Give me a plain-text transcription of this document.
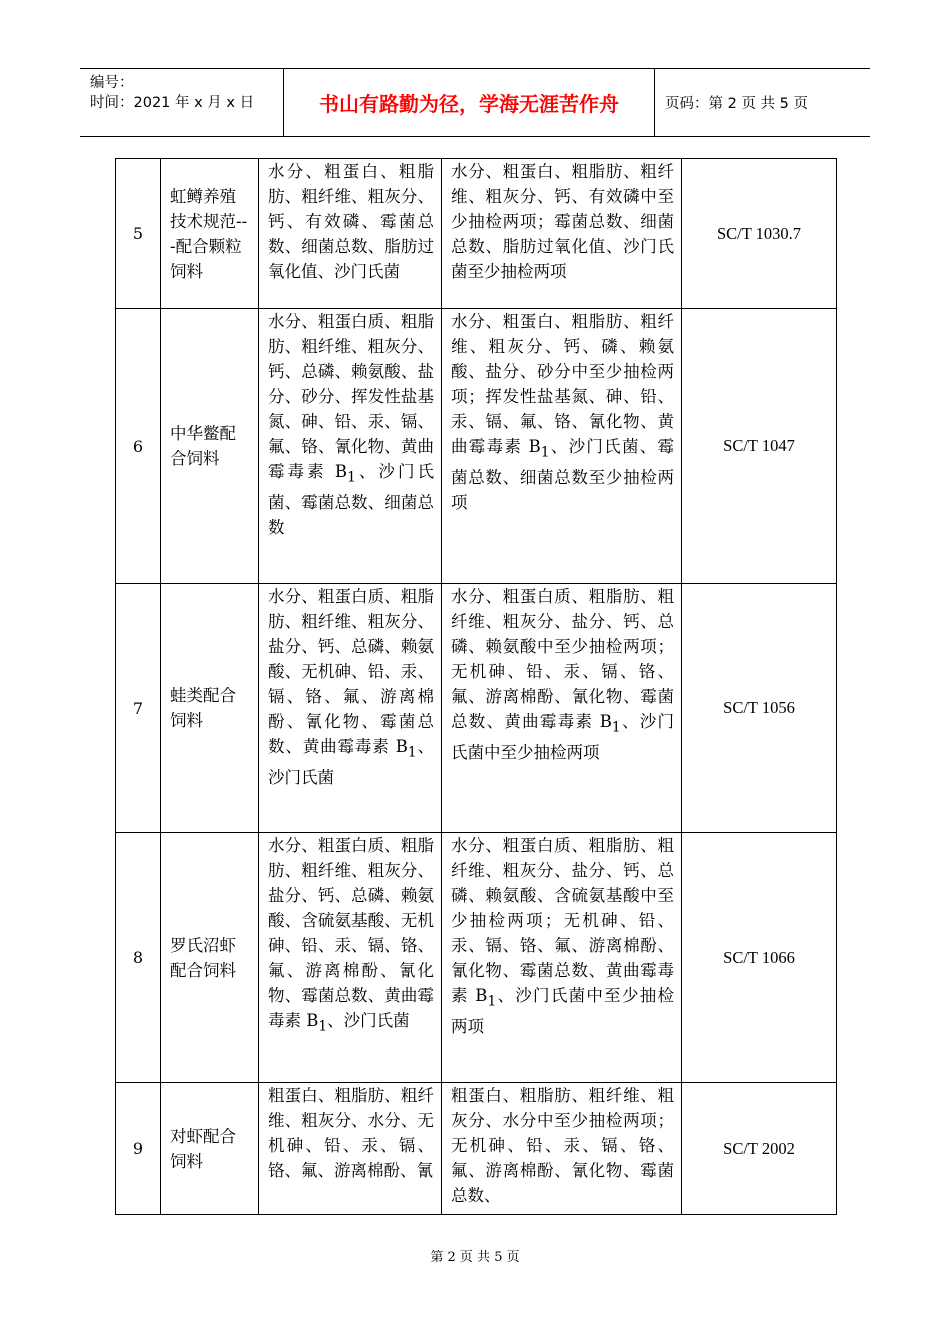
编号：
时间：2021 年 x 月 x 日	书山有路勤为径，学海无涯苦作舟	页码：第 2 页 共 5 页
5	虹鳟养殖技术规范---配合颗粒饲料	水分、粗蛋白、粗脂肪、粗纤维、粗灰分、钙、有效磷、霉菌总数、细菌总数、脂肪过氧化值、沙门氏菌	水分、粗蛋白、粗脂肪、粗纤维、粗灰分、钙、有效磷中至少抽检两项；霉菌总数、细菌总数、脂肪过氧化值、沙门氏菌至少抽检两项	SC/T 1030.7
6	中华鳖配合饲料	水分、粗蛋白质、粗脂肪、粗纤维、粗灰分、钙、总磷、赖氨酸、盐分、砂分、挥发性盐基氮、砷、铅、汞、镉、氟、铬、氰化物、黄曲霉毒素 $B_1$、沙门氏菌、霉菌总数、细菌总数	水分、粗蛋白、粗脂肪、粗纤维、粗灰分、钙、磷、赖氨酸、盐分、砂分中至少抽检两项；挥发性盐基氮、砷、铅、汞、镉、氟、铬、氰化物、黄曲霉毒素 $B_1$、沙门氏菌、霉菌总数、细菌总数至少抽检两项	SC/T 1047
7	蛙类配合饲料	水分、粗蛋白质、粗脂肪、粗纤维、粗灰分、盐分、钙、总磷、赖氨酸、无机砷、铅、汞、镉、铬、氟、游离棉酚、氰化物、霉菌总数、黄曲霉毒素 $B_1$、沙门氏菌	水分、粗蛋白质、粗脂肪、粗纤维、粗灰分、盐分、钙、总磷、赖氨酸中至少抽检两项；无机砷、铅、汞、镉、铬、氟、游离棉酚、氰化物、霉菌总数、黄曲霉毒素 $B_1$、沙门氏菌中至少抽检两项	SC/T 1056
8	罗氏沼虾配合饲料	水分、粗蛋白质、粗脂肪、粗纤维、粗灰分、盐分、钙、总磷、赖氨酸、含硫氨基酸、无机砷、铅、汞、镉、铬、氟、游离棉酚、氰化物、霉菌总数、黄曲霉毒素 $B_1$、沙门氏菌	水分、粗蛋白质、粗脂肪、粗纤维、粗灰分、盐分、钙、总磷、赖氨酸、含硫氨基酸中至少抽检两项；无机砷、铅、汞、镉、铬、氟、游离棉酚、氰化物、霉菌总数、黄曲霉毒素 $B_1$、沙门氏菌中至少抽检两项	SC/T 1066
9	对虾配合饲料	粗蛋白、粗脂肪、粗纤维、粗灰分、水分、无机砷、铅、汞、镉、铬、氟、游离棉酚、氰	粗蛋白、粗脂肪、粗纤维、粗灰分、水分中至少抽检两项；无机砷、铅、汞、镉、铬、氟、游离棉酚、氰化物、霉菌总数、	SC/T 2002
第 2 页 共 5 页
